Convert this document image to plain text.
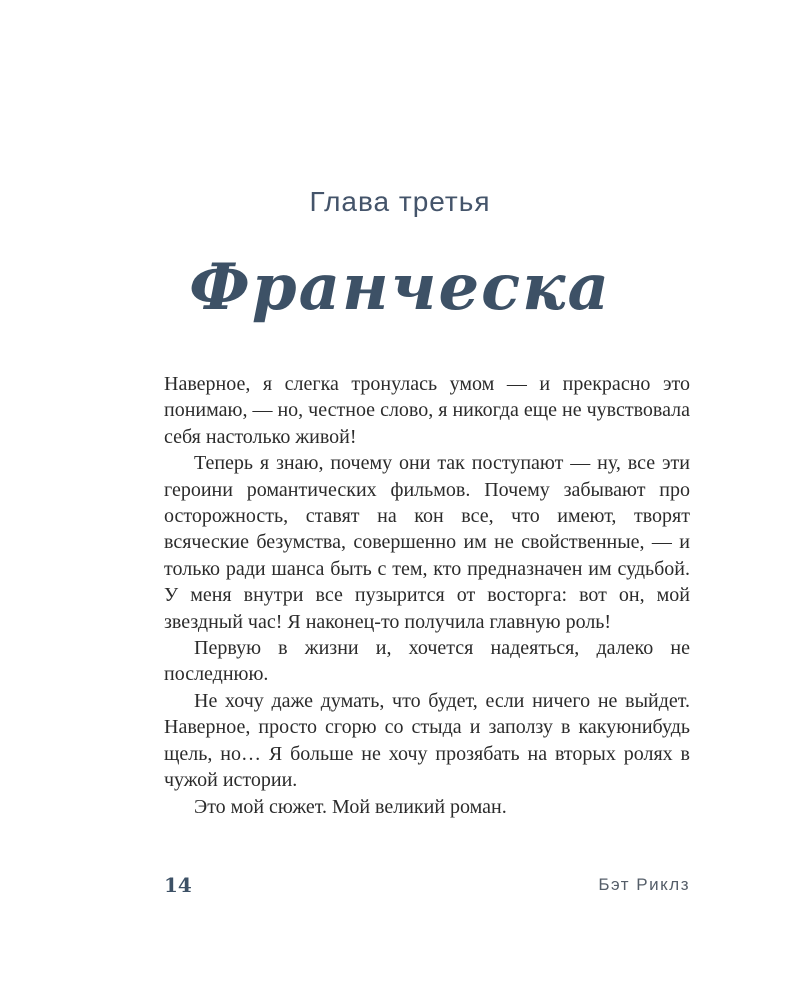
Глава третья
Франческа

Наверное, я слегка тронулась умом — и прекрасно это понимаю, — но, честное слово, я никогда еще не чувствовала себя настолько живой!

Теперь я знаю, почему они так поступают — ну, все эти героини романтических фильмов. Почему забывают про осторожность, ставят на кон все, что имеют, творят всяческие безумства, совершенно им не свойственные, — и только ради шанса быть с тем, кто предназначен им судьбой. У меня внутри все пузырится от восторга: вот он, мой звездный час! Я наконец-то получила главную роль!

Первую в жизни и, хочется надеяться, далеко не последнюю.

Не хочу даже думать, что будет, если ничего не выйдет. Наверное, просто сгорю со стыда и заползу в какуюнибудь щель, но… Я больше не хочу прозябать на вторых ролях в чужой истории.

Это мой сюжет. Мой великий роман.

14	Бэт Риклз
